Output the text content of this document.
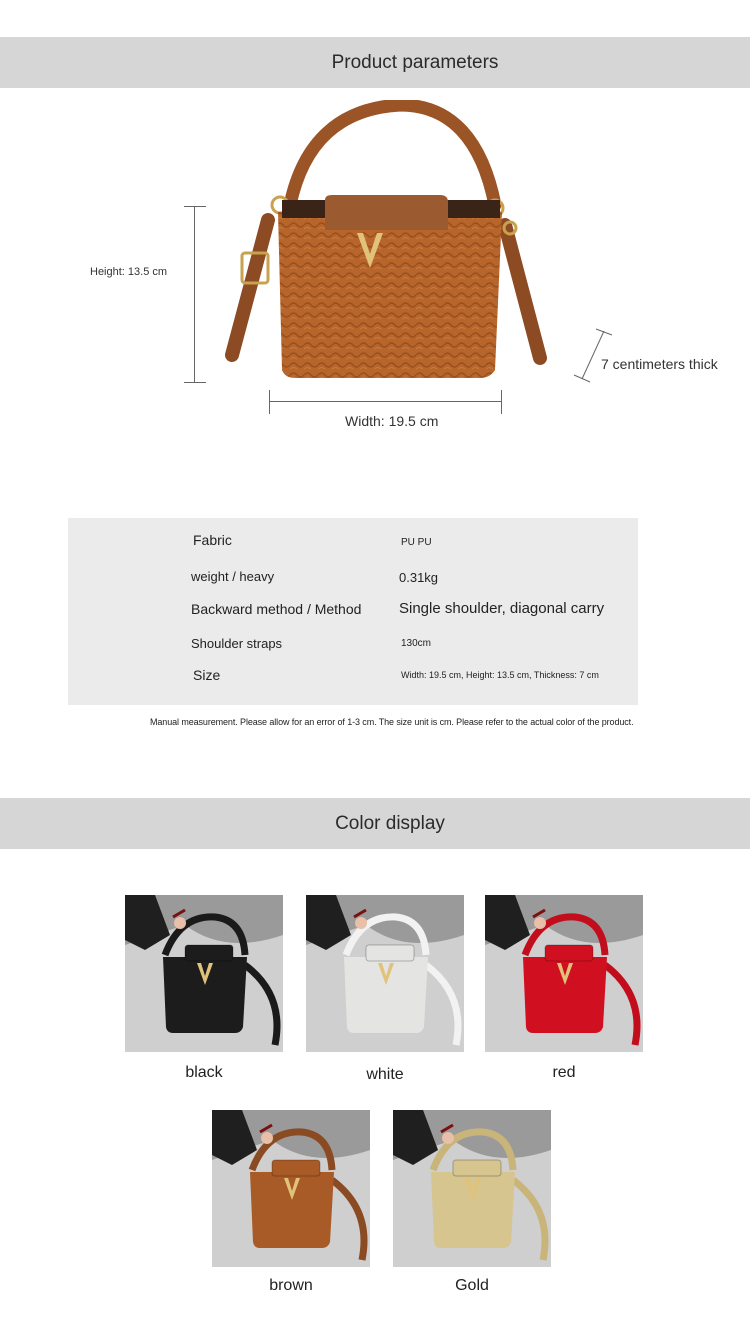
Product parameters
Height: 13.5 cm
Width: 19.5 cm
7 centimeters thick
Fabric	PU PU
weight / heavy	0.31kg
Backward method / Method	Single shoulder, diagonal carry
Shoulder straps	130cm
Size	Width: 19.5 cm, Height: 13.5 cm, Thickness: 7 cm
Manual measurement. Please allow for an error of 1-3 cm. The size unit is cm. Please refer to the actual color of the product.
Color display
black	white	red
brown	Gold
